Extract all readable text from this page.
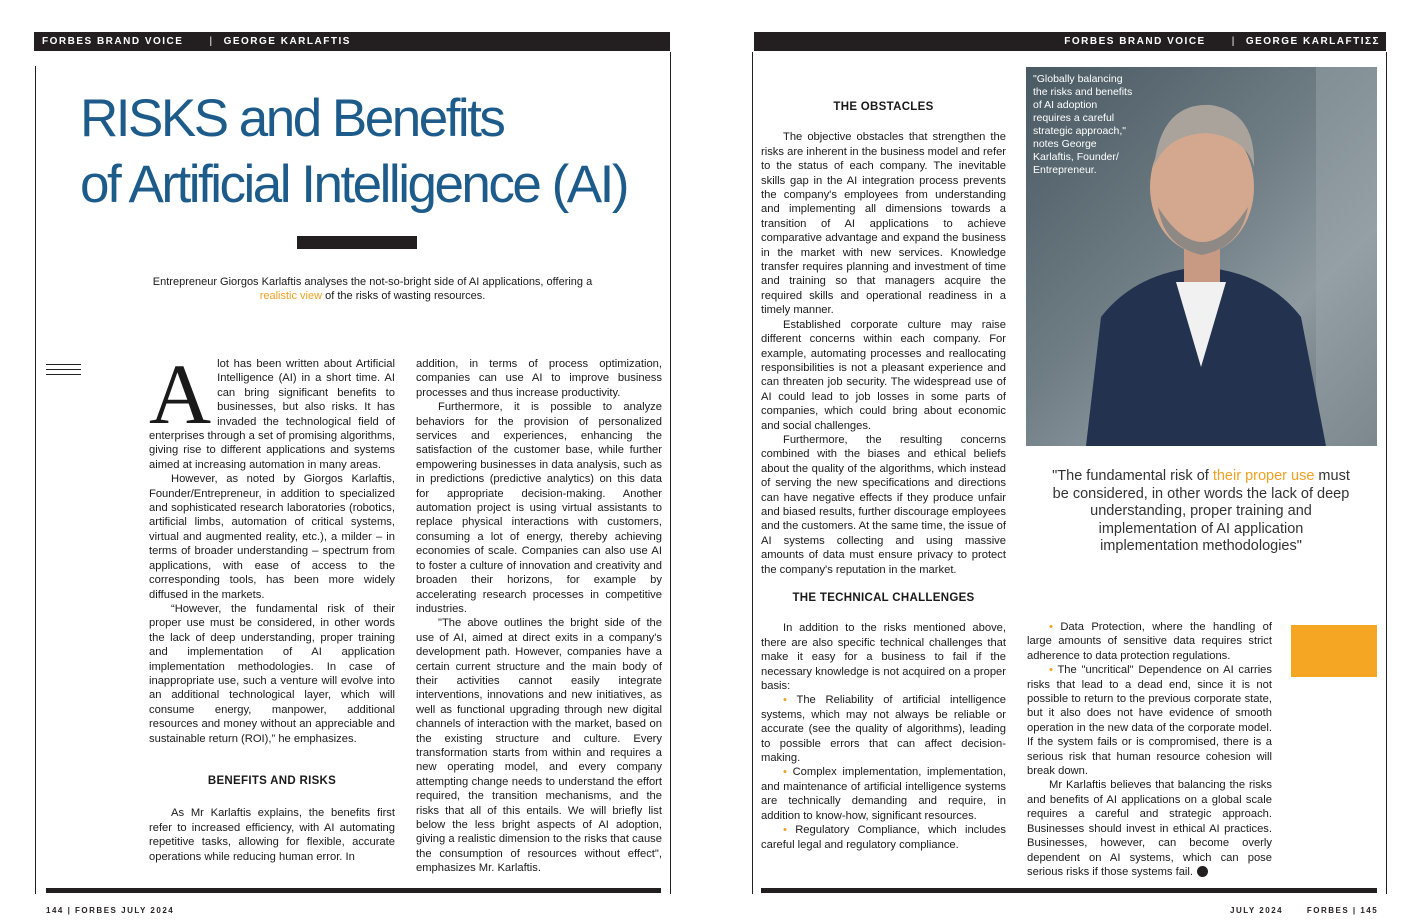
FORBES BRAND VOICE	| GEORGE KARLAFTIS	FORBES BRAND VOICE	| GEORGE KARLAFTIΣΣ
RISKS and Benefits
of Artificial Intelligence (AI)
Entrepreneur Giorgos Karlaftis analyses the not-so-bright side of AI applications, offering a realistic view of the risks of wasting resources.

Alot has been written about Artificial Intelligence (AI) in a short time. AI can bring significant benefits to businesses, but also risks. It has invaded the technological field of enterprises through a set of promising algorithms, giving rise to different applications and systems aimed at increasing automation in many areas.

However, as noted by Giorgos Karlaftis, Founder/Entrepreneur, in addition to specialized and sophisticated research laboratories (robotics, artificial limbs, automation of critical systems, virtual and augmented reality, etc.), a milder – in terms of broader understanding – spectrum from applications, with ease of access to the corresponding tools, has been more widely diffused in the markets.

“However, the fundamental risk of their proper use must be considered, in other words the lack of deep understanding, proper training and implementation of AI application implementation methodologies. In case of inappropriate use, such a venture will evolve into an additional technological layer, which will consume energy, manpower, additional resources and money without an appreciable and sustainable return (ROI),” he emphasizes.

BENEFITS AND RISKS

As Mr Karlaftis explains, the benefits first refer to increased efficiency, with AI automating repetitive tasks, allowing for flexible, accurate operations while reducing human error. In

addition, in terms of process optimization, companies can use AI to improve business processes and thus increase productivity.

Furthermore, it is possible to analyze behaviors for the provision of personalized services and experiences, enhancing the satisfaction of the customer base, while further empowering businesses in data analysis, such as in predictions (predictive analytics) on this data for appropriate decision-making. Another automation project is using virtual assistants to replace physical interactions with customers, consuming a lot of energy, thereby achieving economies of scale. Companies can also use AI to foster a culture of innovation and creativity and broaden their horizons, for example by accelerating research processes in competitive industries.

"The above outlines the bright side of the use of AI, aimed at direct exits in a company's development path. However, companies have a certain current structure and the main body of their activities cannot easily integrate interventions, innovations and new initiatives, as well as functional upgrading through new digital channels of interaction with the market, based on the existing structure and culture. Every transformation starts from within and requires a new operating model, and every company attempting change needs to understand the effort required, the transition mechanisms, and the risks that all of this entails. We will briefly list below the less bright aspects of AI adoption, giving a realistic dimension to the risks that cause the consumption of resources without effect", emphasizes Mr. Karlaftis.

THE OBSTACLES

The objective obstacles that strengthen the risks are inherent in the business model and refer to the status of each company. The inevitable skills gap in the AI integration process prevents the company's employees from understanding and implementing all dimensions towards a transition of AI applications to achieve comparative advantage and expand the business in the market with new services. Knowledge transfer requires planning and investment of time and training so that managers acquire the required skills and operational readiness in a timely manner.

Established corporate culture may raise different concerns within each company. For example, automating processes and reallocating responsibilities is not a pleasant experience and can threaten job security. The widespread use of AI could lead to job losses in some parts of companies, which could bring about economic and social challenges.

Furthermore, the resulting concerns combined with the biases and ethical beliefs about the quality of the algorithms, which instead of serving the new specifications and directions can have negative effects if they produce unfair and biased results, further discourage employees and the customers. At the same time, the issue of AI systems collecting and using massive amounts of data must ensure privacy to protect the company's reputation in the market.

THE TECHNICAL CHALLENGES

In addition to the risks mentioned above, there are also specific technical challenges that make it easy for a business to fail if the necessary knowledge is not acquired on a proper basis:

• The Reliability of artificial intelligence systems, which may not always be reliable or accurate (see the quality of algorithms), leading to possible errors that can affect decision-making.

• Complex implementation, implementation, and maintenance of artificial intelligence systems are technically demanding and require, in addition to know-how, significant resources.

• Regulatory Compliance, which includes careful legal and regulatory compliance.

"Globally balancing the risks and benefits of AI adoption requires a careful strategic approach," notes George Karlaftis, Founder/ Entrepreneur.
"The fundamental risk of their proper use must be considered, in other words the lack of deep understanding, proper training and implementation of AI application implementation methodologies"

• Data Protection, where the handling of large amounts of sensitive data requires strict adherence to data protection regulations.

• The "uncritical" Dependence on AI carries risks that lead to a dead end, since it is not possible to return to the previous corporate state, but it also does not have evidence of smooth operation in the new data of the corporate model. If the system fails or is compromised, there is a serious risk that human resource cohesion will break down.

Mr Karlaftis believes that balancing the risks and benefits of AI applications on a global scale requires a careful and strategic approach. Businesses should invest in ethical AI practices. Businesses, however, can become overly dependent on AI systems, which can pose serious risks if those systems fail.	F

144 | FORBES JULY 2024	JULY 2024	FORBES | 145
